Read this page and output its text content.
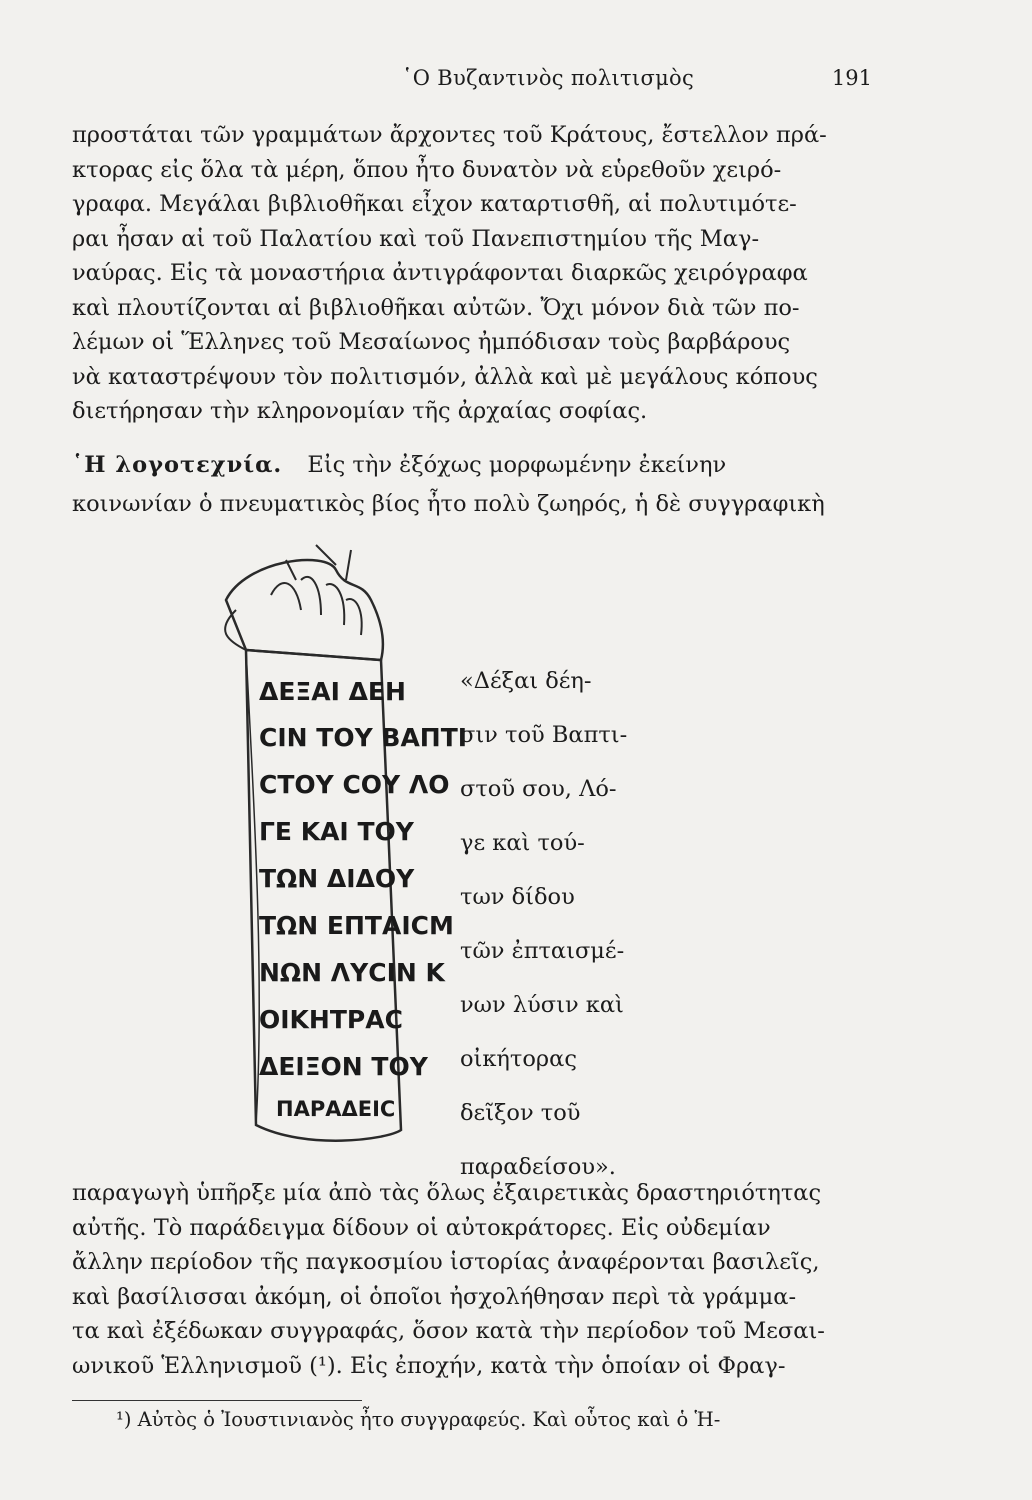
῾Ο Βυζαντινὸς πολιτισμὸς	191
προστάται τῶν γραμμάτων ἄρχοντες τοῦ Κράτους, ἔστελλον πρά-
κτορας εἰς ὅλα τὰ μέρη, ὅπου ἦτο δυνατὸν νὰ εὑρεθοῦν χειρό-
γραφα. Μεγάλαι βιβλιοθῆκαι εἶχον καταρτισθῆ, αἱ πολυτιμότε-
ραι ἦσαν αἱ τοῦ Παλατίου καὶ τοῦ Πανεπιστημίου τῆς Μαγ-
ναύρας. Εἰς τὰ μοναστήρια ἀντιγράφονται διαρκῶς χειρόγραφα
καὶ πλουτίζονται αἱ βιβλιοθῆκαι αὐτῶν. Ὄχι μόνον διὰ τῶν πο-
λέμων οἱ Ἕλληνες τοῦ Μεσαίωνος ἠμπόδισαν τοὺς βαρβάρους
νὰ καταστρέψουν τὸν πολιτισμόν, ἀλλὰ καὶ μὲ μεγάλους κόπους
διετήρησαν τὴν κληρονομίαν τῆς ἀρχαίας σοφίας.
῾Η λογοτεχνία. Εἰς τὴν ἐξόχως μορφωμένην ἐκείνην
κοινωνίαν ὁ πνευματικὸς βίος ἦτο πολὺ ζωηρός, ἡ δὲ συγγραφικὴ
ΔΕΞΑΙ ΔΕΗ
ϹΙΝ ΤΟΥ ΒΑΠΤΙ
ϹΤΟΥ ϹΟΥ ΛΟ
ΓΕ ΚΑΙ ΤΟΥ
ΤΩΝ ΔΙΔΟΥ
ΤΩΝ ΕΠΤΑΙϹΜ
ΝΩΝ ΛΥϹΙΝ Κ
ΟΙΚΗΤΡΑϹ
ΔΕΙΞΟΝ ΤΟΥ
ΠΑΡΑΔΕΙϹ
«Δέξαι δέη-
σιν τοῦ Βαπτι-
στοῦ σου, Λό-
γε καὶ τού-
των δίδου
τῶν ἐπταισμέ-
νων λύσιν καὶ
οἰκήτορας
δεῖξον τοῦ
παραδείσου».
παραγωγὴ ὑπῆρξε μία ἀπὸ τὰς ὅλως ἐξαιρετικὰς δραστηριότητας
αὐτῆς. Τὸ παράδειγμα δίδουν οἱ αὐτοκράτορες. Εἰς οὐδεμίαν
ἄλλην περίοδον τῆς παγκοσμίου ἱστορίας ἀναφέρονται βασιλεῖς,
καὶ βασίλισσαι ἀκόμη, οἱ ὁποῖοι ἠσχολήθησαν περὶ τὰ γράμμα-
τα καὶ ἐξέδωκαν συγγραφάς, ὅσον κατὰ τὴν περίοδον τοῦ Μεσαι-
ωνικοῦ Ἑλληνισμοῦ (¹). Εἰς ἐποχήν, κατὰ τὴν ὁποίαν οἱ Φραγ-
¹) Αὐτὸς ὁ Ἰουστινιανὸς ἦτο συγγραφεύς. Καὶ οὗτος καὶ ὁ Ἡ-
